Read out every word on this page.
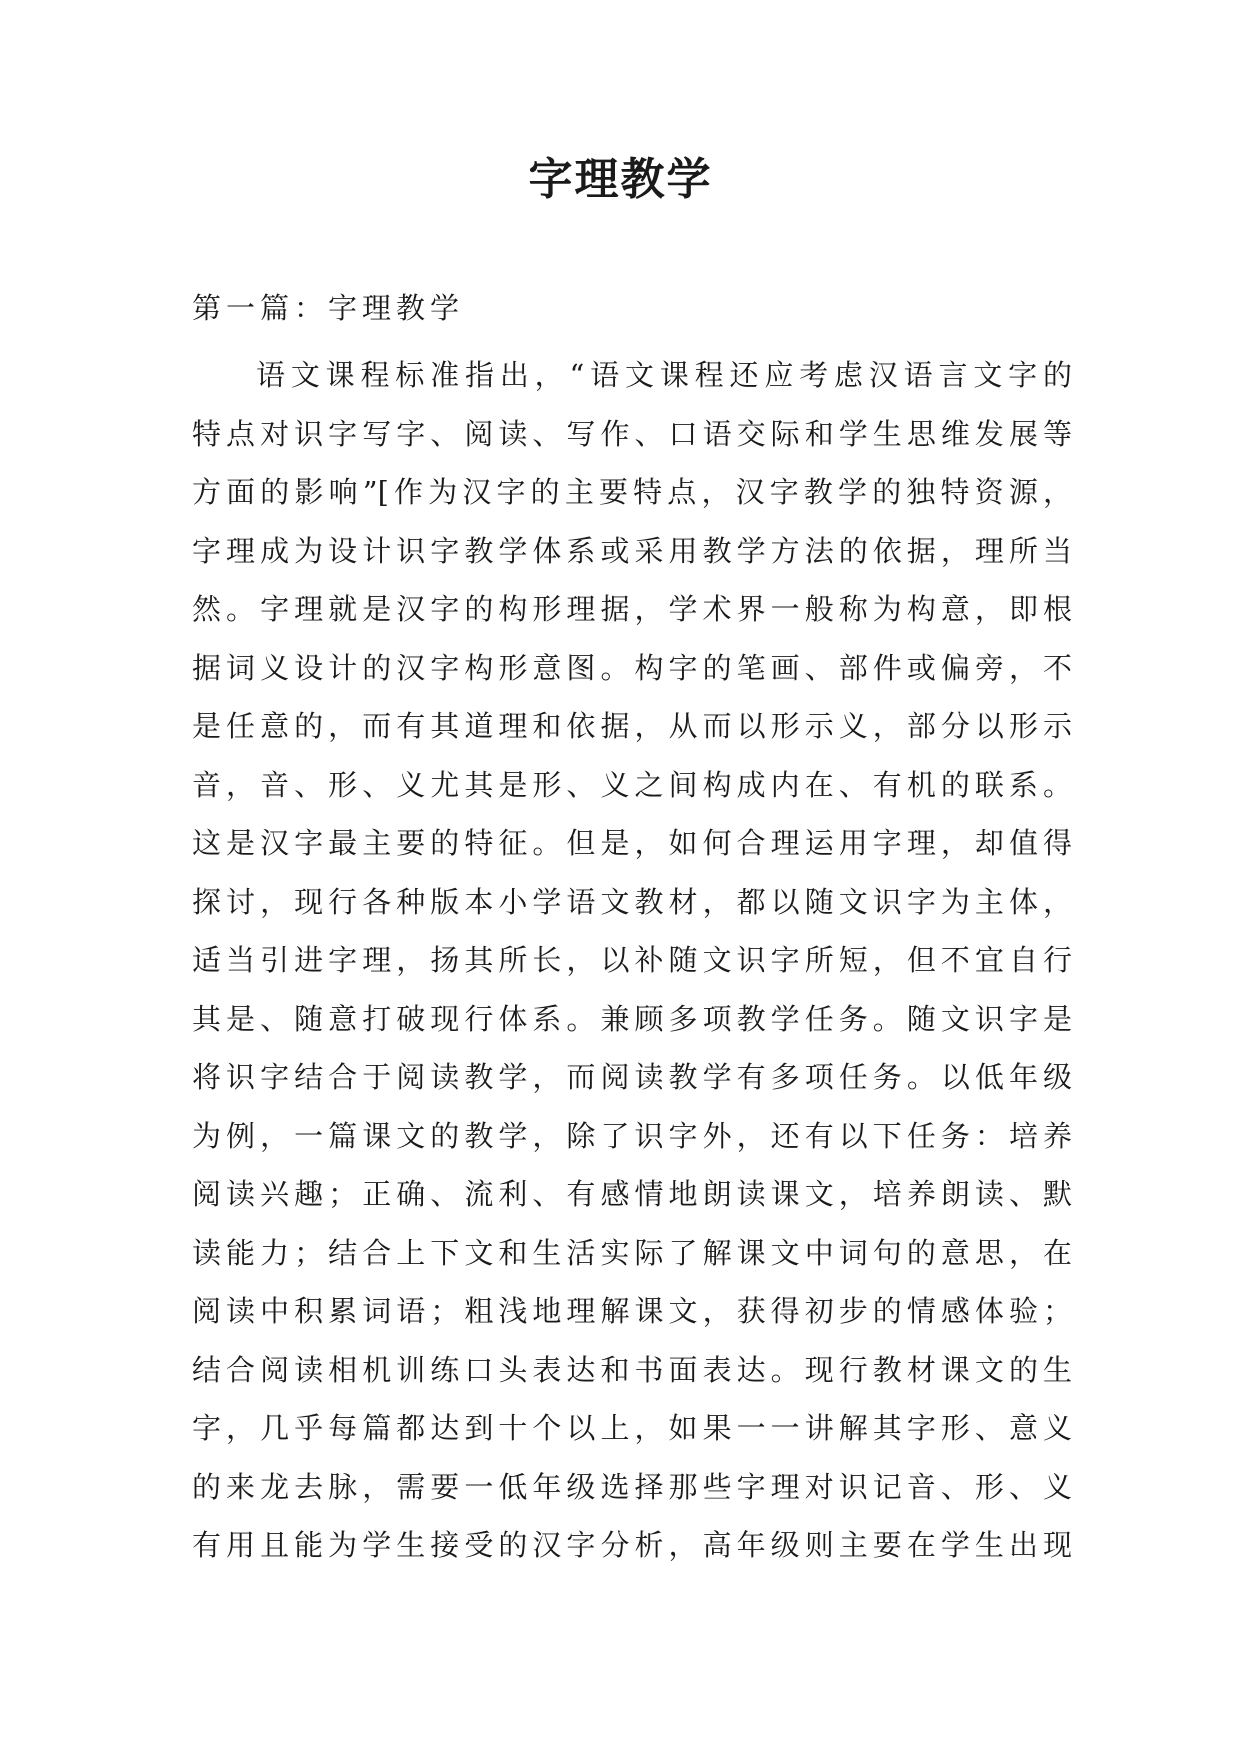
字理教学
第一篇：字理教学
语文课程标准指出，“语文课程还应考虑汉语言文字的
特点对识字写字、阅读、写作、口语交际和学生思维发展等
方面的影响”[作为汉字的主要特点，汉字教学的独特资源，
字理成为设计识字教学体系或采用教学方法的依据，理所当
然。字理就是汉字的构形理据，学术界一般称为构意，即根
据词义设计的汉字构形意图。构字的笔画、部件或偏旁，不
是任意的，而有其道理和依据，从而以形示义，部分以形示
音，音、形、义尤其是形、义之间构成内在、有机的联系。
这是汉字最主要的特征。但是，如何合理运用字理，却值得
探讨，现行各种版本小学语文教材，都以随文识字为主体，
适当引进字理，扬其所长，以补随文识字所短，但不宜自行
其是、随意打破现行体系。兼顾多项教学任务。随文识字是
将识字结合于阅读教学，而阅读教学有多项任务。以低年级
为例，一篇课文的教学，除了识字外，还有以下任务：培养
阅读兴趣；正确、流利、有感情地朗读课文，培养朗读、默
读能力；结合上下文和生活实际了解课文中词句的意思，在
阅读中积累词语；粗浅地理解课文，获得初步的情感体验；
结合阅读相机训练口头表达和书面表达。现行教材课文的生
字，几乎每篇都达到十个以上，如果一一讲解其字形、意义
的来龙去脉，需要一低年级选择那些字理对识记音、形、义
有用且能为学生接受的汉字分析，高年级则主要在学生出现
